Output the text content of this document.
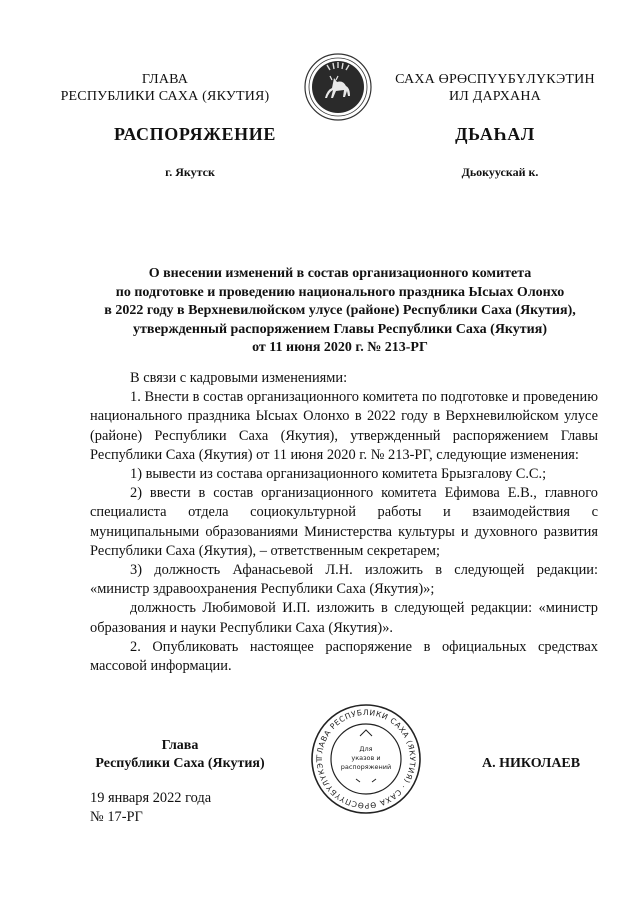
ГЛАВА
РЕСПУБЛИКИ САХА (ЯКУТИЯ)
САХА ӨРӨСПҮҮБҮЛҮКЭТИН
ИЛ ДАРХАНА
РАСПОРЯЖЕНИЕ	ДЬАҺАЛ
г. Якутск	Дьокуускай к.
О внесении изменений в состав организационного комитета
по подготовке и проведению национального праздника Ысыах Олонхо
в 2022 году в Верхневилюйском улусе (районе) Республики Саха (Якутия),
утвержденный распоряжением Главы Республики Саха (Якутия)
от 11 июня 2020 г. № 213-РГ

В связи с кадровыми изменениями:

1. Внести в состав организационного комитета по подготовке и проведению национального праздника Ысыах Олонхо в 2022 году в Верхневилюйском улусе (районе) Республики Саха (Якутия), утвержденный распоряжением Главы Республики Саха (Якутия) от 11 июня 2020 г. № 213-РГ, следующие изменения:

1) вывести из состава организационного комитета Брызгалову С.С.;

2) ввести в состав организационного комитета Ефимова Е.В., главного специалиста отдела социокультурной работы и взаимодействия с муниципальными образованиями Министерства культуры и духовного развития Республики Саха (Якутия), – ответственным секретарем;

3) должность Афанасьевой Л.Н. изложить в следующей редакции: «министр здравоохранения Республики Саха (Якутия)»;

должность Любимовой И.П. изложить в следующей редакции: «министр образования и науки Республики Саха (Якутия)».

2. Опубликовать настоящее распоряжение в официальных средствах массовой информации.

Глава
Республики Саха (Якутия)	ГЛАВА РЕСПУБЛИКИ САХА (ЯКУТИЯ) · САХА ӨРӨСПҮҮБҮЛҮКЭТ
Для
указов и
распоряжений	А. НИКОЛАЕВ
19 января 2022 года
№ 17-РГ
